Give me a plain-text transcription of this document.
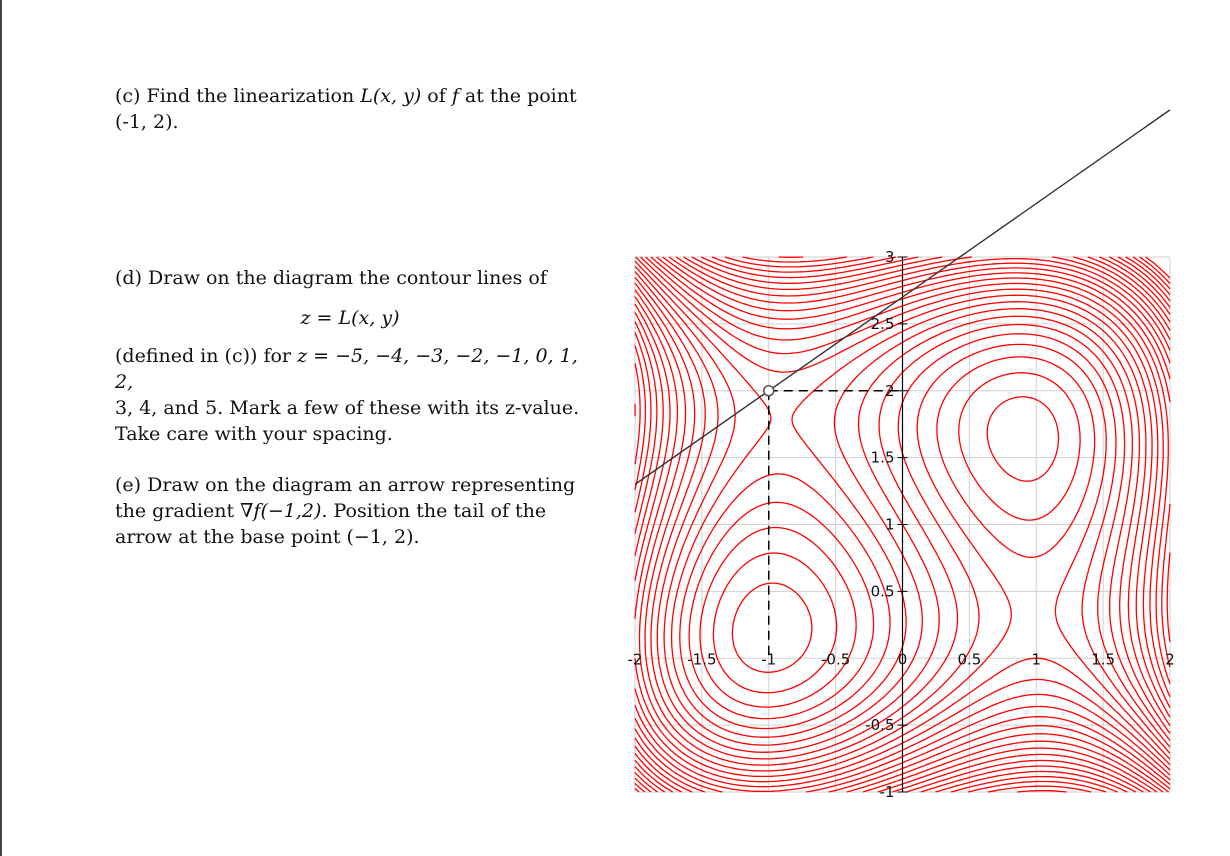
(c) Find the linearization L(x, y) of f at the point (-1, 2).

(d) Draw on the diagram the contour lines of

z = L(x, y)

(defined in (c)) for z = −5, −4, −3, −2, −1, 0, 1, 2,

3, 4, and 5. Mark a few of these with its z-value.

Take care with your spacing.

(e) Draw on the diagram an arrow representing

the gradient ∇f(−1,2). Position the tail of the

arrow at the base point (−1, 2).

-2	-1.5	-1	-0.5	0	0.5	1	1.5	2
3
2.5
2
1.5
1
0.5
-0.5
-1
